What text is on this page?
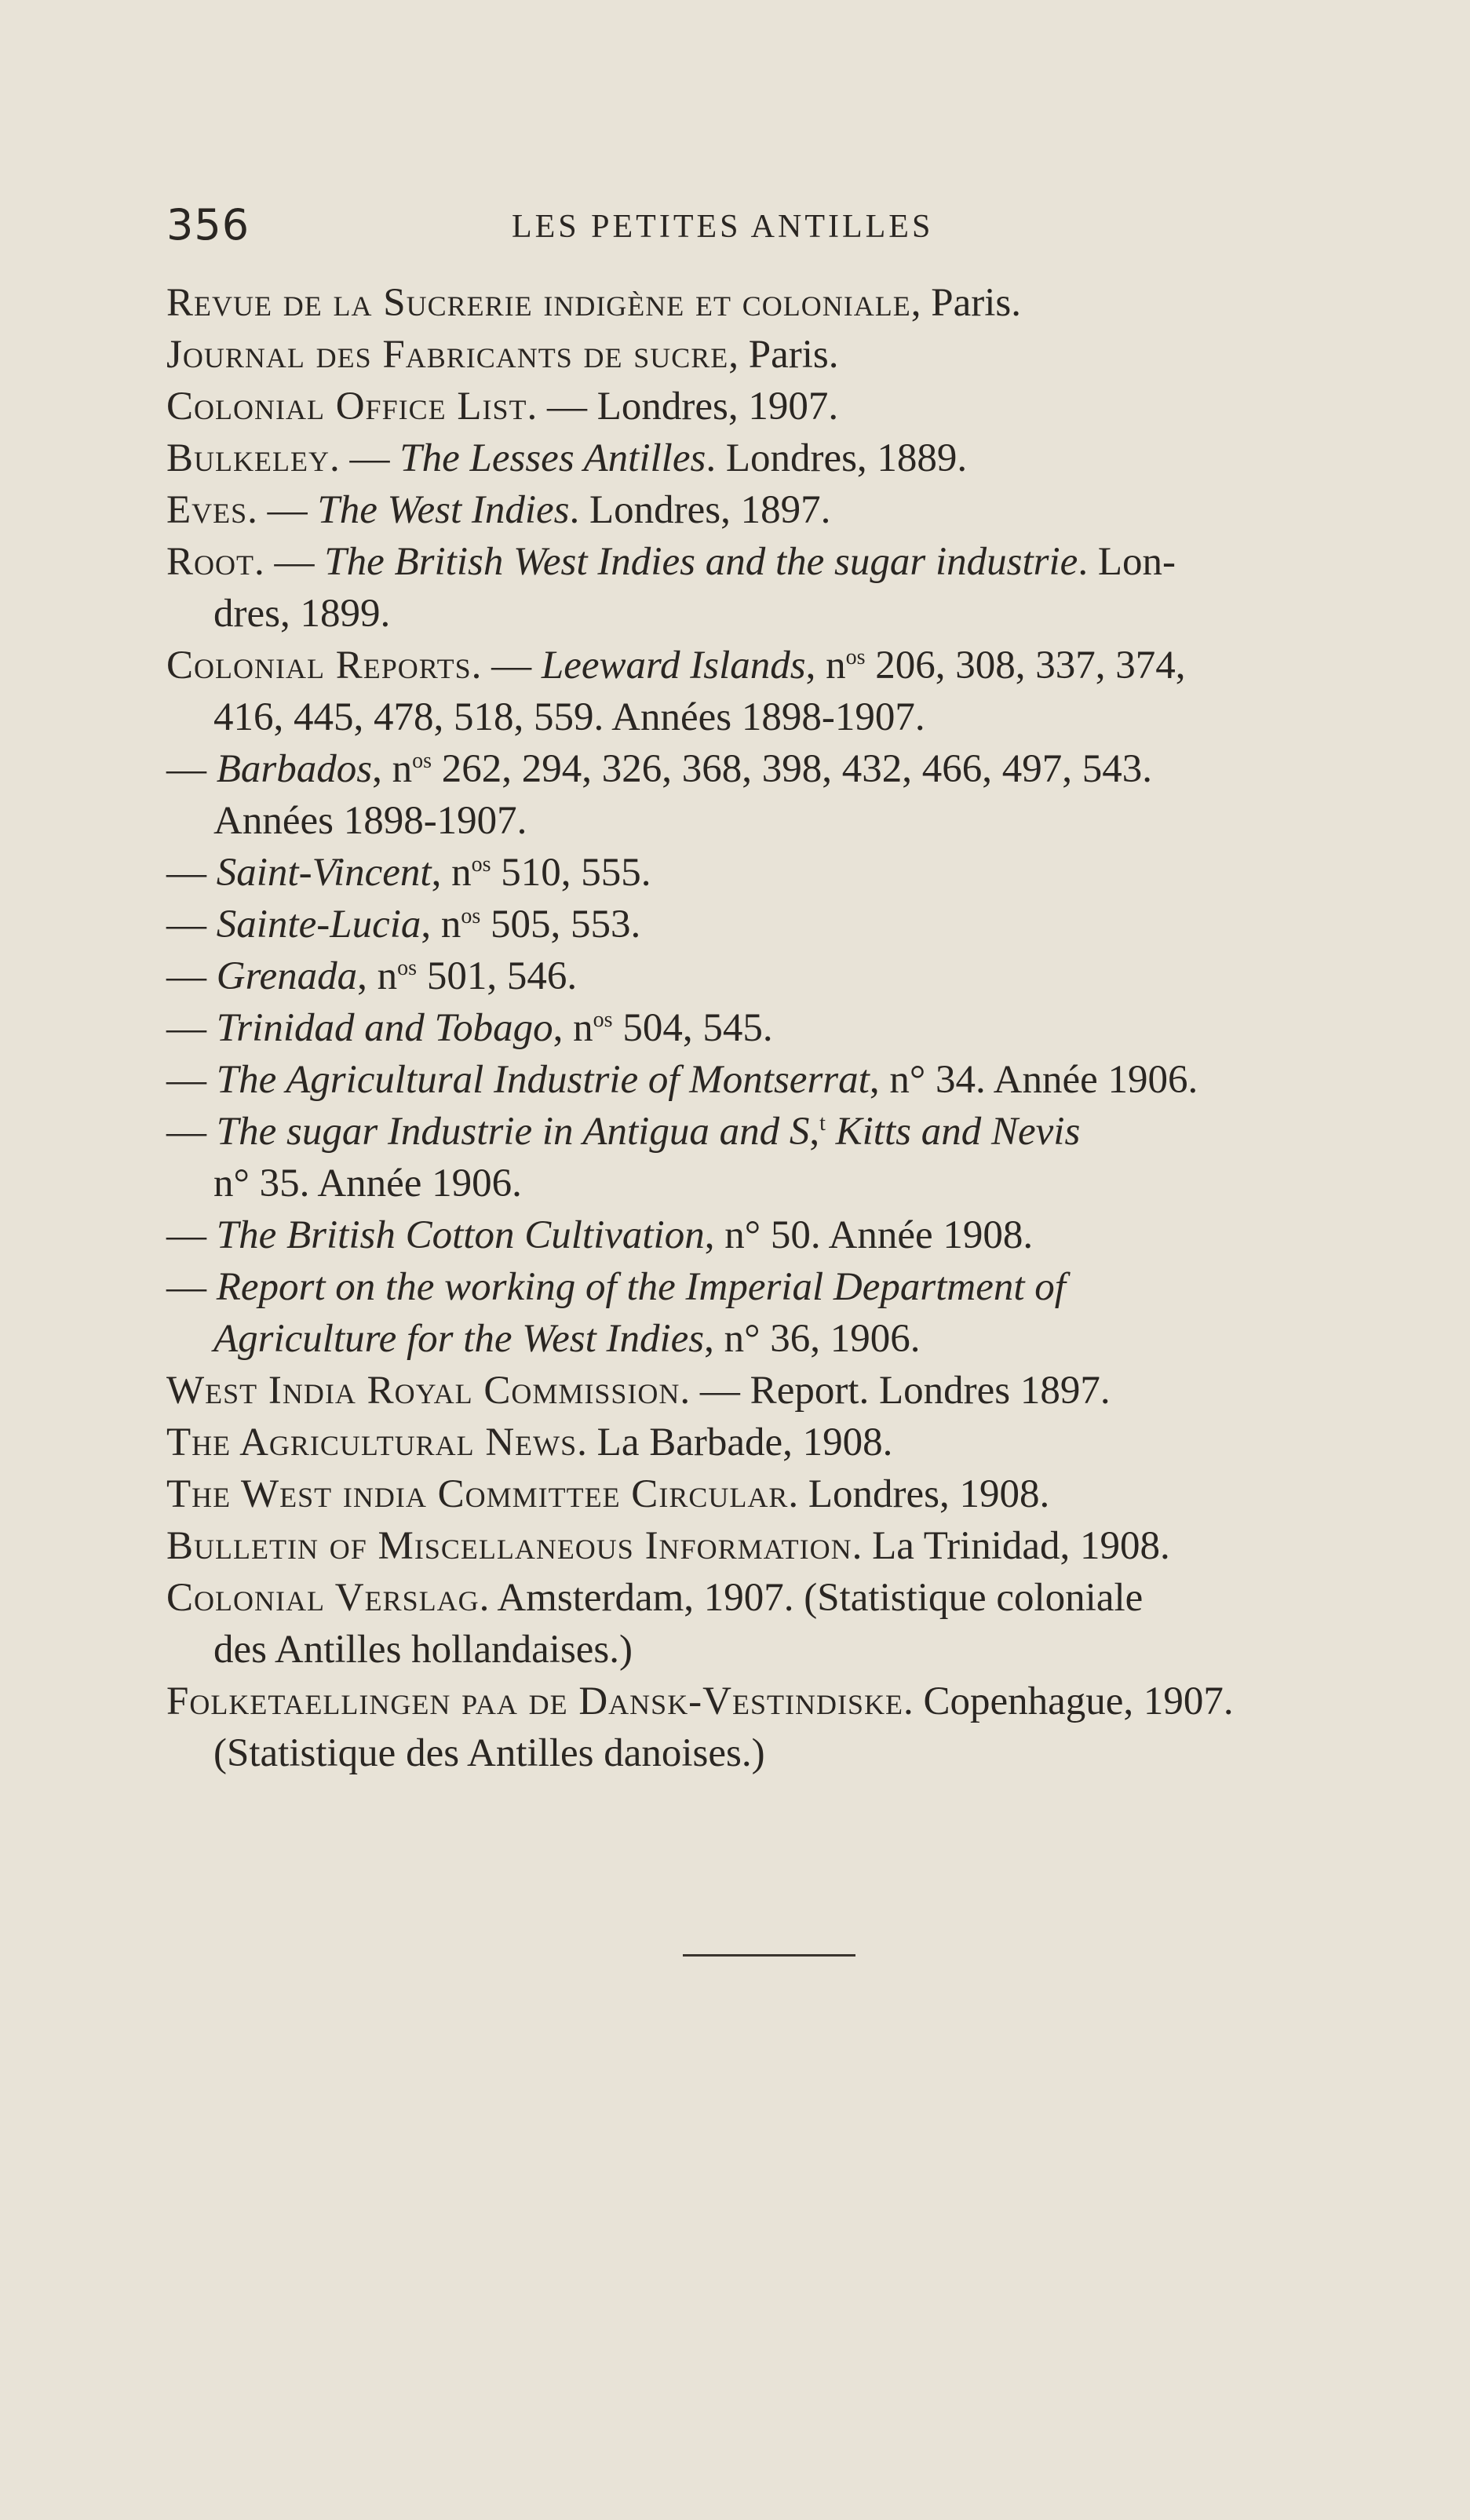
356	LES PETITES ANTILLES
Revue de la Sucrerie indigène et coloniale, Paris.
Journal des Fabricants de sucre, Paris.
Colonial Office List. — Londres, 1907.
Bulkeley. — The Lesses Antilles. Londres, 1889.
Eves. — The West Indies. Londres, 1897.
Root. — The British West Indies and the sugar industrie. Lon-
dres, 1899.
Colonial Reports. — Leeward Islands, $n^{os}$ 206, 308, 337, 374,
416, 445, 478, 518, 559. Années 1898-1907.
— Barbados, $n^{os}$ 262, 294, 326, 368, 398, 432, 466, 497, 543.
Années 1898-1907.
— Saint-Vincent, $n^{os}$ 510, 555.
— Sainte-Lucia, $n^{os}$ 505, 553.
— Grenada, $n^{os}$ 501, 546.
— Trinidad and Tobago, $n^{os}$ 504, 545.
— The Agricultural Industrie of Montserrat, n° 34. Année 1906.
— The sugar Industrie in Antigua and S,$^t$ Kitts and Nevis
n° 35. Année 1906.
— The British Cotton Cultivation, n° 50. Année 1908.
— Report on the working of the Imperial Department of
Agriculture for the West Indies, n° 36, 1906.
West India Royal Commission. — Report. Londres 1897.
The Agricultural News. La Barbade, 1908.
The West india Committee Circular. Londres, 1908.
Bulletin of Miscellaneous Information. La Trinidad, 1908.
Colonial Verslag. Amsterdam, 1907. (Statistique coloniale
des Antilles hollandaises.)
Folketaellingen paa de Dansk-Vestindiske. Copenhague, 1907.
(Statistique des Antilles danoises.)
